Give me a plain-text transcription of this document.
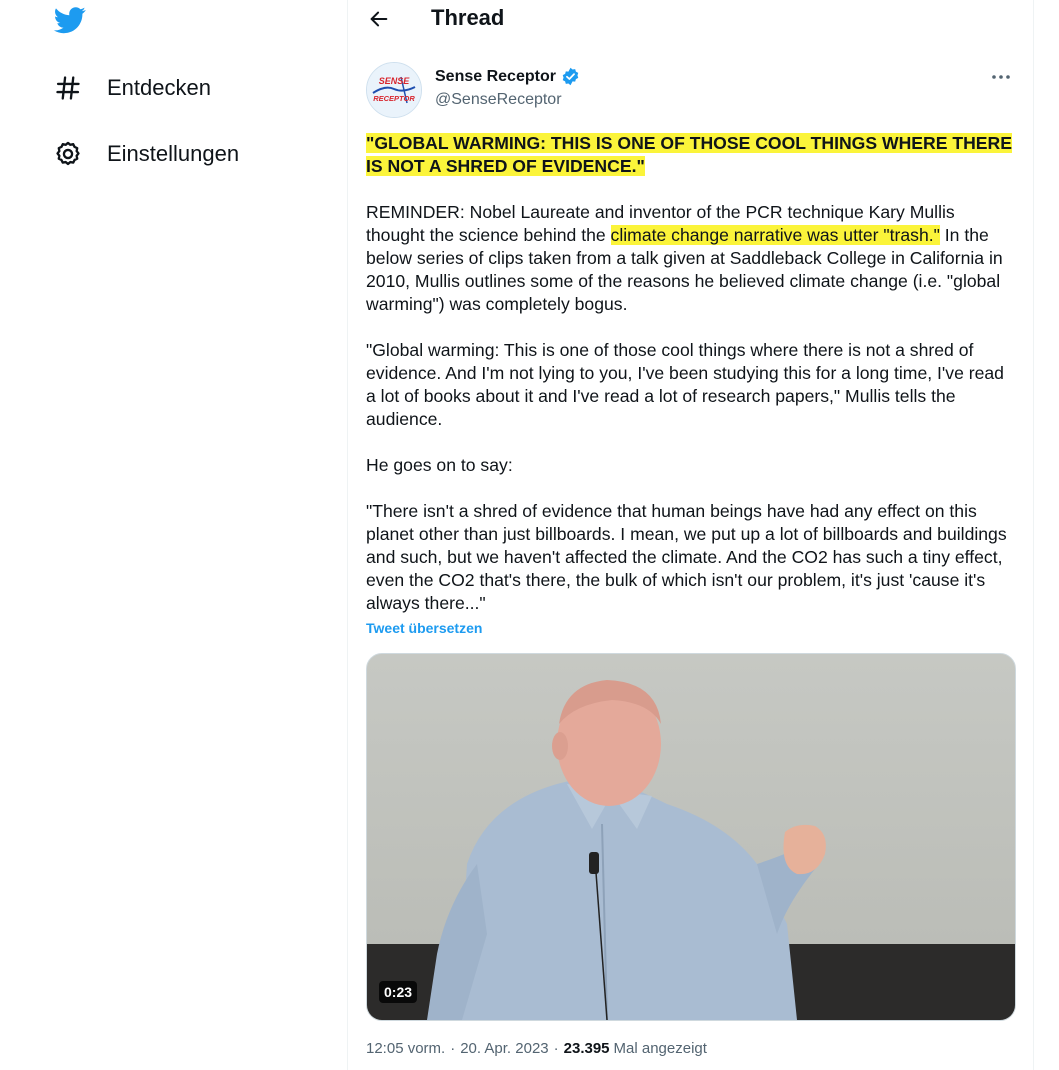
Entdecken
Einstellungen
Thread
SENSE
RECEPTOR
Sense Receptor
@SenseReceptor

"GLOBAL WARMING: THIS IS ONE OF THOSE COOL THINGS WHERE THERE IS NOT A SHRED OF EVIDENCE."

REMINDER: Nobel Laureate and inventor of the PCR technique Kary Mullis thought the science behind the climate change narrative was utter "trash." In the below series of clips taken from a talk given at Saddleback College in California in 2010, Mullis outlines some of the reasons he believed climate change (i.e. "global warming") was completely bogus.

"Global warming: This is one of those cool things where there is not a shred of evidence. And I'm not lying to you, I've been studying this for a long time, I've read a lot of books about it and I've read a lot of research papers," Mullis tells the audience.

He goes on to say:

"There isn't a shred of evidence that human beings have had any effect on this planet other than just billboards. I mean, we put up a lot of billboards and buildings and such, but we haven't affected the climate. And the CO2 has such a tiny effect, even the CO2 that's there, the bulk of which isn't our problem, it's just 'cause it's always there..."

Tweet übersetzen
0:23
12:05 vorm. · 20. Apr. 2023 · 23.395 Mal angezeigt
